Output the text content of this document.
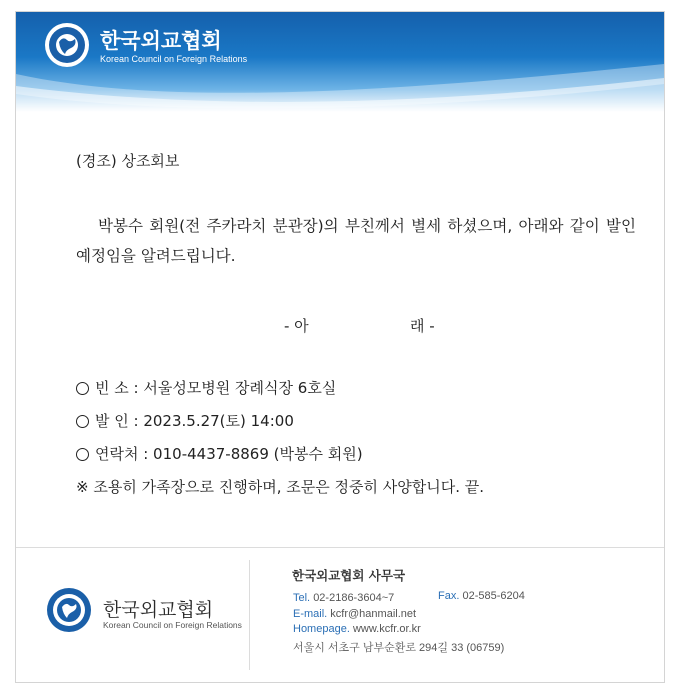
한국외교협회
Korean Council on Foreign Relations
(경조) 상조회보
박봉수 회원(전 주카라치 분관장)의 부친께서 별세 하셨으며, 아래와 같이 발인 예정임을 알려드립니다.
- 아	래 -
빈 소 : 서울성모병원 장례식장 6호실
발 인 : 2023.5.27(토) 14:00
연락처 : 010-4437-8869 (박봉수 회원)
※ 조용히 가족장으로 진행하며, 조문은 정중히 사양합니다. 끝.
한국외교협회
Korean Council on Foreign Relations
한국외교협회 사무국
Tel. 02-2186-3604~7	Fax. 02-585-6204
E-mail. kcfr@hanmail.net
Homepage. www.kcfr.or.kr
서울시 서초구 남부순환로 294길 33 (06759)
